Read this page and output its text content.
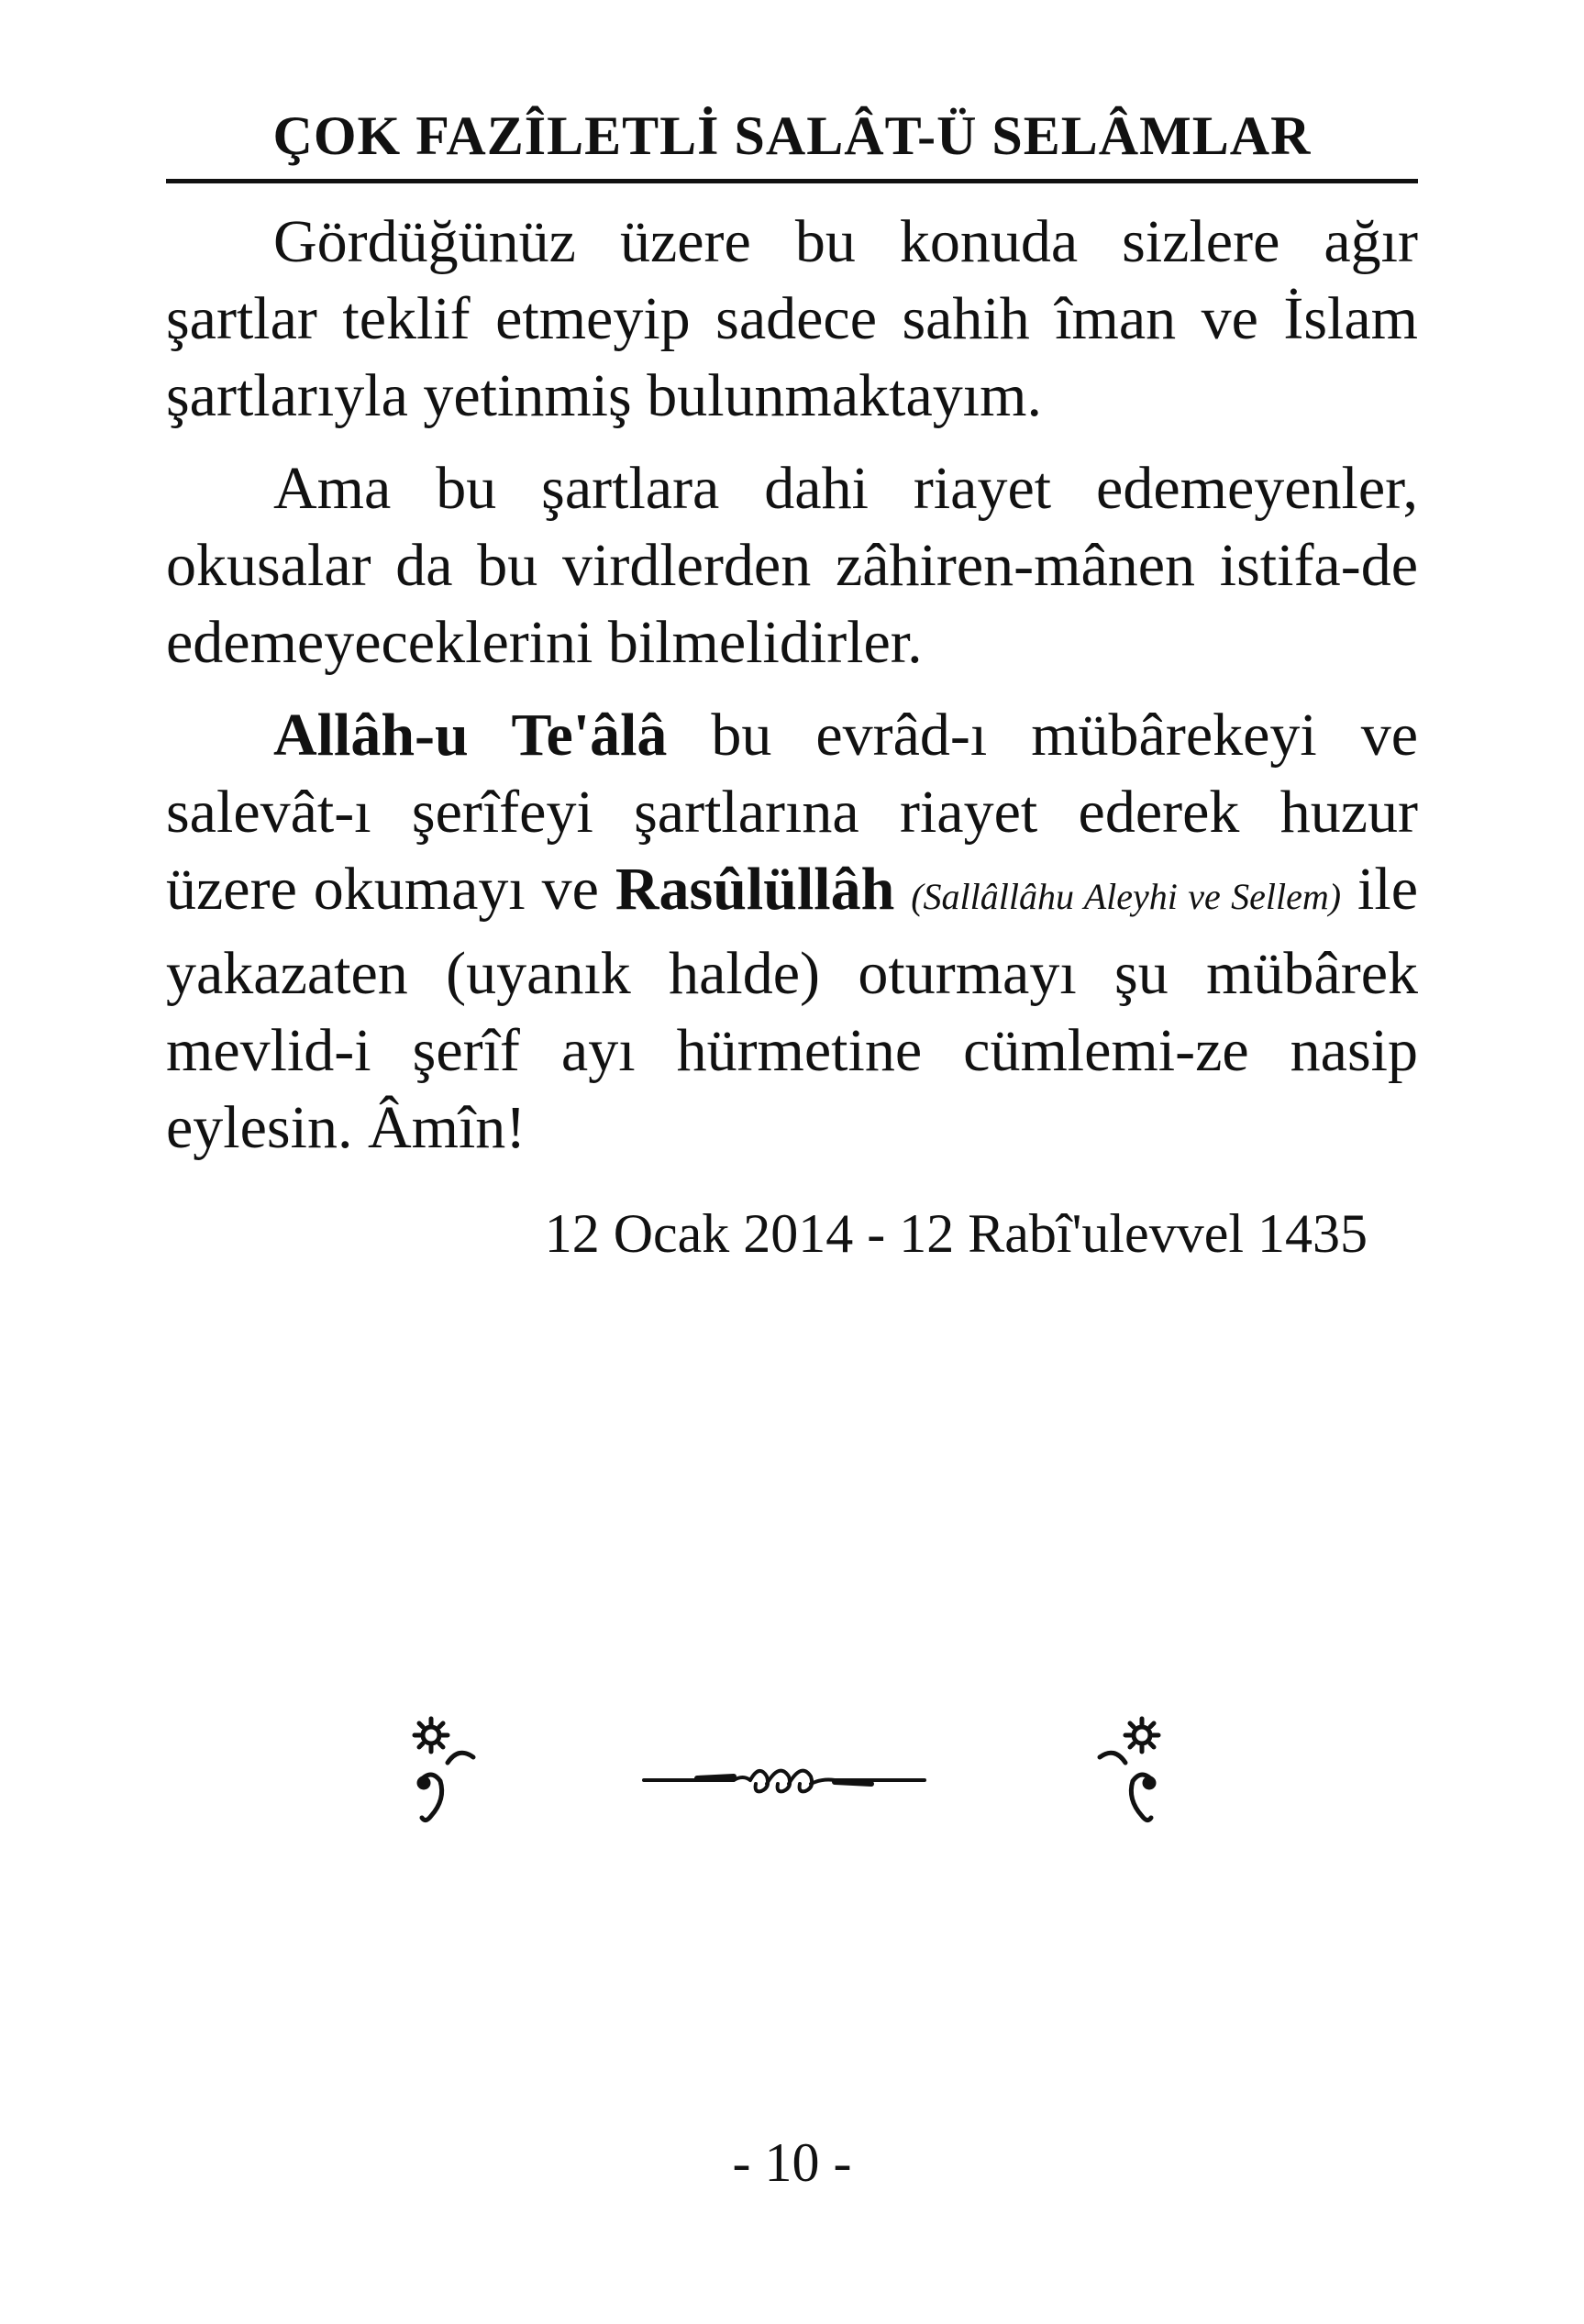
ÇOK FAZÎLETLİ SALÂT-Ü SELÂMLAR

Gördüğünüz üzere bu konuda sizlere ağır şartlar teklif etmeyip sadece sahih îman ve İslam şartlarıyla yetinmiş bulunmaktayım.

Ama bu şartlara dahi riayet edemeyenler, okusalar da bu virdlerden zâhiren-mânen istifa-de edemeyeceklerini bilmelidirler.

Allâh-u Te'âlâ bu evrâd-ı mübârekeyi ve salevât-ı şerîfeyi şartlarına riayet ederek huzur üzere okumayı ve Rasûlüllâh (Sallâllâhu Aleyhi ve Sellem) ile yakazaten (uyanık halde) oturmayı şu mübârek mevlid-i şerîf ayı hürmetine cümlemi-ze nasip eylesin. Âmîn!

12 Ocak 2014 - 12 Rabî'ulevvel 1435
- 10 -
